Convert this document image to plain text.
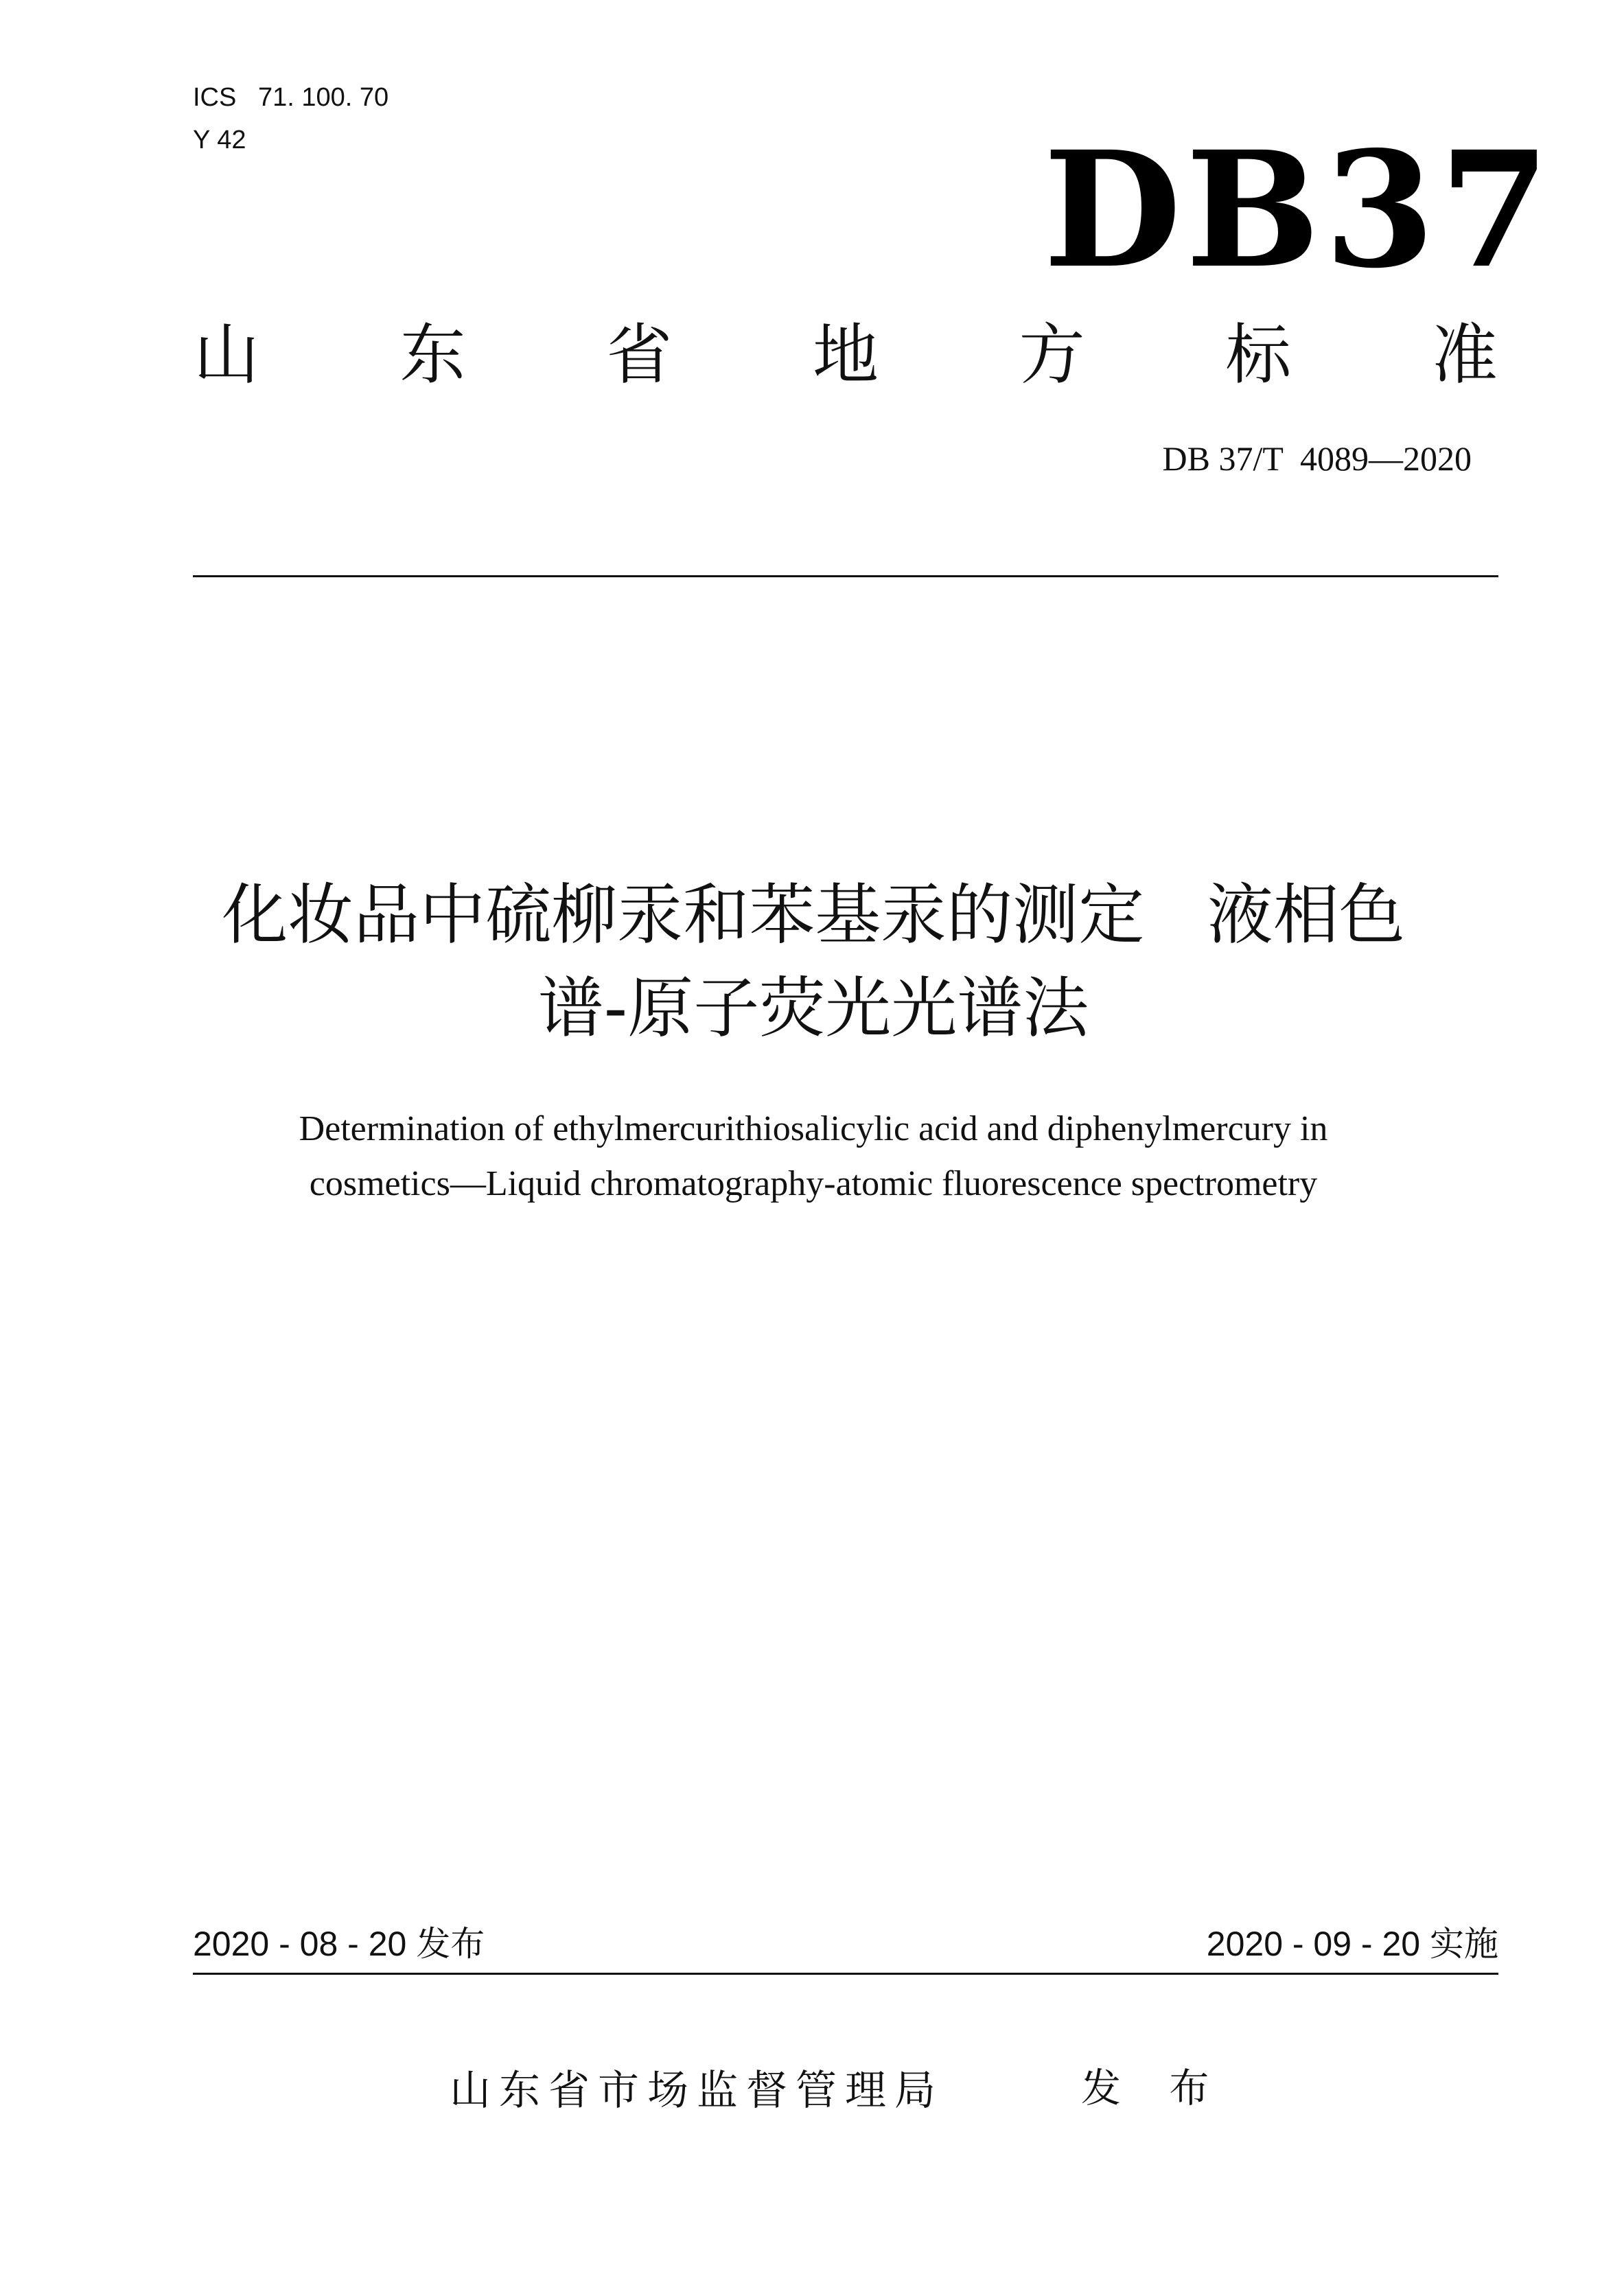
ICS   71. 100. 70
Y 42	DB37
山 东 省 地 方 标 准
DB 37/T  4089—2020
化妆品中硫柳汞和苯基汞的测定   液相色
谱-原子荧光光谱法
Determination of ethylmercurithiosalicylic acid and diphenylmercury in
cosmetics—Liquid chromatography-atomic fluorescence spectrometry
2020 - 08 - 20 发布	2020 - 09 - 20 实施
山东省市场监督管理局	发 布
